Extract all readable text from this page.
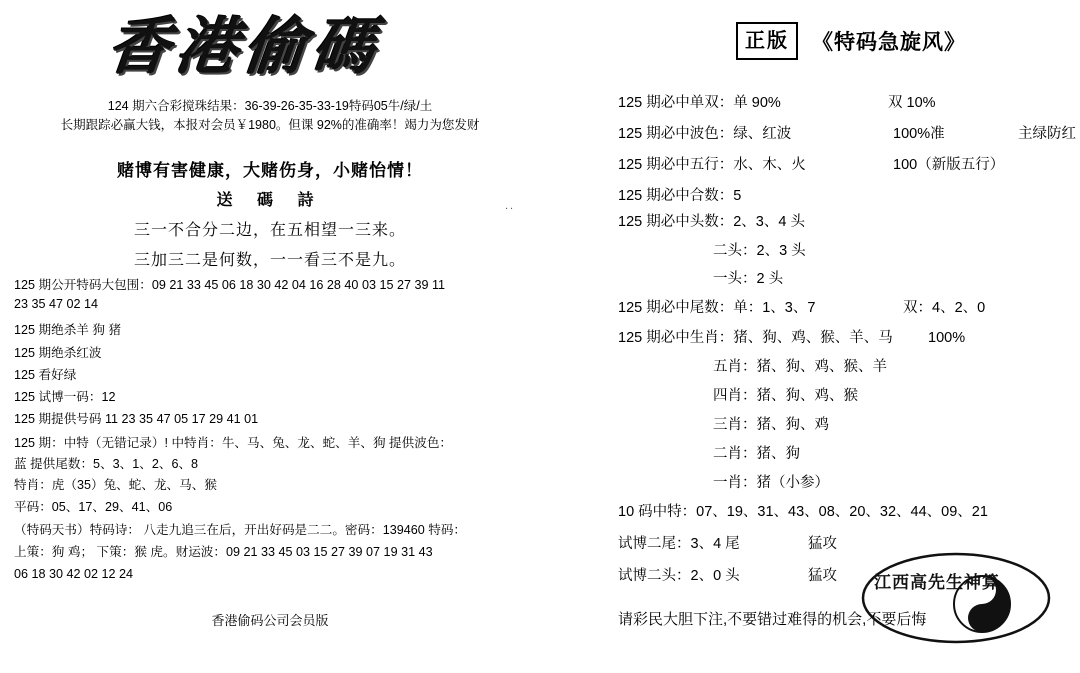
香港偷碼
124 期六合彩搅珠结果：36-39-26-35-33-19特码05牛/绿/土
长期跟踪必赢大钱，本报对会员￥1980。但课 92%的准确率！竭力为您发财
赌博有害健康，大赌伤身，小赌怡情！
送 碼 詩
三一不合分二边，在五相望一三来。
三加三二是何数，一一看三不是九。
..
125 期公开特码大包围：09 21 33 45 06 18 30 42 04 16 28 40 03 15 27 39 11
23 35 47 02 14
125 期绝杀羊 狗 猪
125 期绝杀红波
125 看好绿
125 试博一码：12
125 期提供号码 11 23 35 47 05 17 29 41 01
125 期：中特（无错记录）! 中特肖：牛、马、兔、龙、蛇、羊、狗 提供波色：
蓝 提供尾数：5、3、1、2、6、8
特肖：虎（35）兔、蛇、龙、马、猴
平码：05、17、29、41、06
（特码天书）特码诗： 八走九追三在后，开出好码是二二。密码：139460 特码：
上策：狗 鸡； 下策：猴 虎。财运波：09 21 33 45 03 15 27 39 07 19 31 43
06 18 30 42 02 12 24
香港偷码公司会员版
正版	《特码急旋风》
125 期必中单双：单 90%	双 10%
125 期必中波色：绿、红波	100%准	主绿防红
125 期必中五行：水、木、火	100（新版五行）
125 期必中合数：5
125 期必中头数：2、3、4 头
二头：2、3 头
一头：2 头
125 期必中尾数：单：1、3、7	双：4、2、0
125 期必中生肖：猪、狗、鸡、猴、羊、马 100%
五肖：猪、狗、鸡、猴、羊
四肖：猪、狗、鸡、猴
三肖：猪、狗、鸡
二肖：猪、狗
一肖：猪（小参）
10 码中特：07、19、31、43、08、20、32、44、09、21
试博二尾：3、4 尾	猛攻
试博二头：2、0 头	猛攻
请彩民大胆下注,不要错过难得的机会,不要后悔
江西高先生神算
